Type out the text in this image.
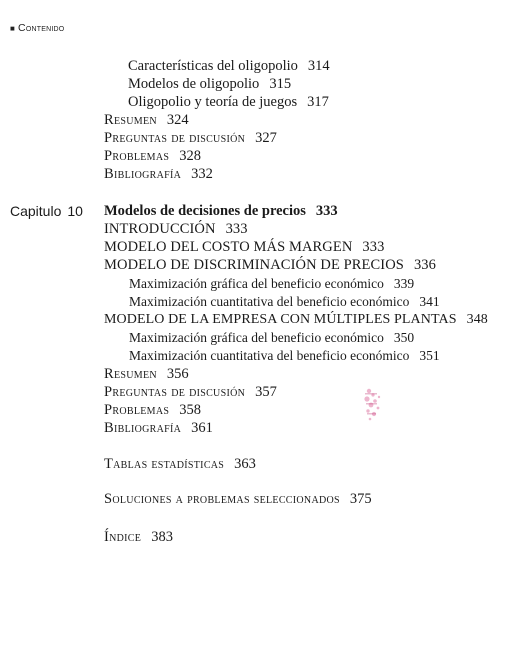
■ Contenido
Características del oligopolio 314
Modelos de oligopolio 315
Oligopolio y teoría de juegos 317
Resumen 324
Preguntas de discusión 327
Problemas 328
Bibliografía 332
Capitulo 10 Modelos de decisiones de precios 333
INTRODUCCIÓN 333
MODELO DEL COSTO MÁS MARGEN 333
MODELO DE DISCRIMINACIÓN DE PRECIOS 336
Maximización gráfica del beneficio económico 339
Maximización cuantitativa del beneficio económico 341
MODELO DE LA EMPRESA CON MÚLTIPLES PLANTAS 348
Maximización gráfica del beneficio económico 350
Maximización cuantitativa del beneficio económico 351
Resumen 356
Preguntas de discusión 357
Problemas 358
Bibliografía 361
Tablas estadísticas 363
Soluciones a problemas seleccionados 375
Índice 383
